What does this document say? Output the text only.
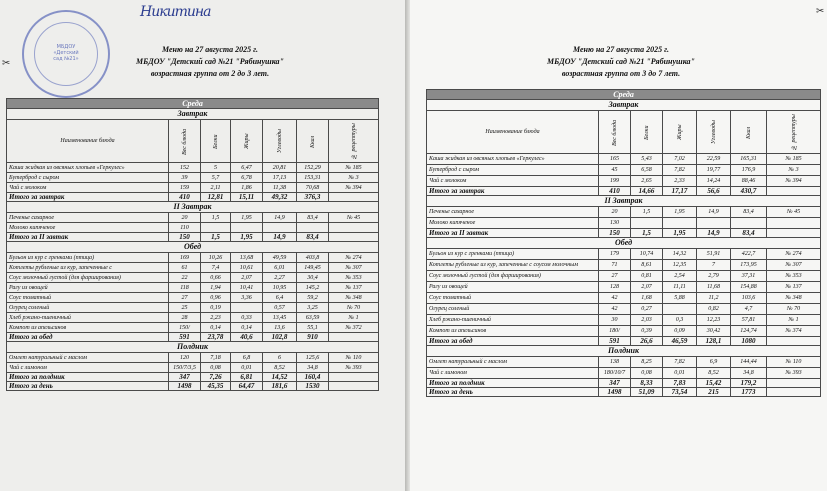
МБДОУ
«Детский
сад №21»
Никитина
✂
Меню на 27 августа 2025 г.
МБДОУ "Детский сад №21 "Рябинушка"
возрастная группа от 2 до 3 лет.
Среда						
Завтрак						
Наименование блюда	Вес блюда	Белки	Жиры	Углеводы	Ккал	№ рецептуры
Каша жидкая из овсяных хлопьев «Геркулес»	152	5	6,47	20,81	152,29	№ 185
Бутерброд с сыром	39	5,7	6,78	17,13	153,31	№ 3
Чай с молоком	159	2,11	1,86	11,38	70,68	№ 394
Итого за завтрак	410	12,81	15,11	49,32	376,3	
II Завтрак						
Печенье сахарное	20	1,5	1,95	14,9	83,4	№ 45
Молоко кипяченое	110					
Итого за II завтак	150	1,5	1,95	14,9	83,4	
Обед						
Бульон из кур с гренками (птица)	169	10,26	13,68	49,59	403,8	№ 274
Котлеты рубленые из кур, запеченные с	61	7,4	10,61	6,01	149,45	№ 307
Соус молочный густой (для фарширования)	22	0,66	2,07	2,27	30,4	№ 353
Рагу из овощей	118	1,94	10,41	10,95	145,2	№ 137
Соус томатный	27	0,96	3,36	6,4	59,2	№ 348
Огурец соленый	25	0,19		0,57	3,25	№ 70
Хлеб ржано-пшеничный	28	2,23	0,33	13,45	63,59	№ 1
Компот из апельсинов	150/	0,14	0,14	13,6	55,1	№ 372
Итого за обед	591	23,78	40,6	102,8	910	
Полдник						
Омлет натуральный с маслом	120	7,18	6,8	6	125,6	№ 110
Чай с лимоном	150/7/3,5	0,08	0,01	8,52	34,8	№ 393
Итого за полдник	347	7,26	6,81	14,52	160,4	
Итого за день	1498	45,35	64,47	181,6	1530	
✂
Меню на 27 августа 2025 г.
МБДОУ "Детский сад №21 "Рябинушка"
возрастная группа от 3 до 7 лет.
Среда						
Завтрак						
Наименование блюда	Вес блюда	Белки	Жиры	Углеводы	Ккал	№ рецептуры
Каша жидкая из овсяных хлопьев «Геркулес»	165	5,43	7,02	22,59	165,31	№ 185
Бутерброд с сыром	45	6,58	7,82	19,77	176,9	№ 3
Чай с молоком	199	2,65	2,33	14,24	88,46	№ 394
Итого за завтрак	410	14,66	17,17	56,6	430,7	
II Завтрак						
Печенье сахарное	20	1,5	1,95	14,9	83,4	№ 45
Молоко кипяченое	130					
Итого за II завтак	150	1,5	1,95	14,9	83,4	
Обед						
Бульон из кур с гренками (птица)	179	10,74	14,32	51,91	422,7	№ 274
Котлеты рубленые из кур, запеченные с соусом молочным	71	8,61	12,35	7	173,95	№ 307
Соус молочный густой (для фарширования)	27	0,81	2,54	2,79	37,31	№ 353
Рагу из овощей	128	2,07	11,11	11,68	154,88	№ 137
Соус томатный	42	1,68	5,88	11,2	103,6	№ 348
Огурец соленый	42	0,27		0,82	4,7	№ 70
Хлеб ржано-пшеничный	30	2,03	0,3	12,23	57,81	№ 1
Компот из апельсинов	180/	0,39	0,09	30,42	124,74	№ 374
Итого за обед	591	26,6	46,59	128,1	1080	
Полдник						
Омлет натуральный с маслом	138	8,25	7,82	6,9	144,44	№ 110
Чай с лимоном	180/10/7	0,08	0,01	8,52	34,8	№ 393
Итого за полдник	347	8,33	7,83	15,42	179,2	
Итого за день	1498	51,09	73,54	215	1773	
